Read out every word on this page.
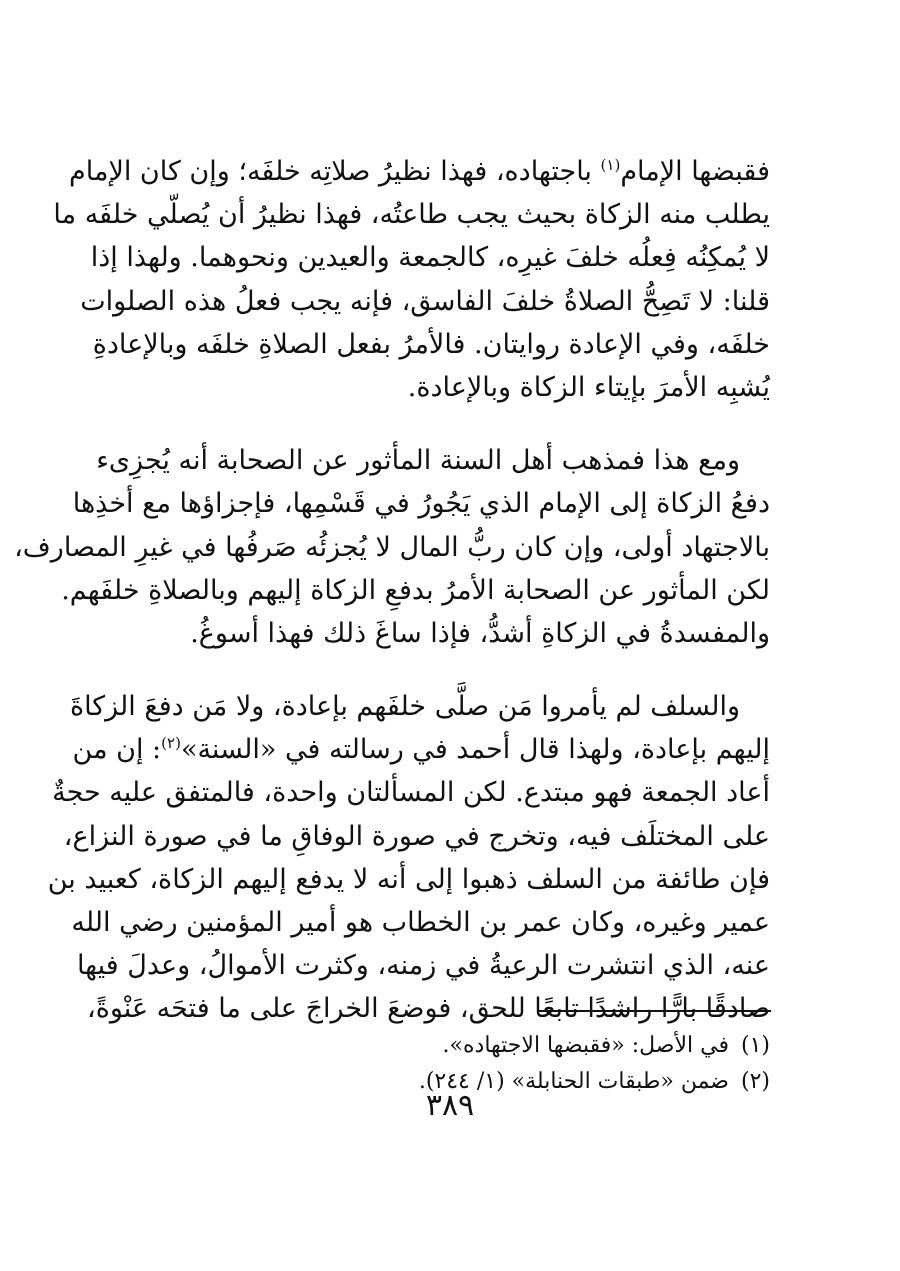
فقبضها الإمام$^{(١)}$ باجتهاده، فهذا نظيرُ صلاتِه خلفَه؛ وإن كان الإمام
يطلب منه الزكاة بحيث يجب طاعتُه، فهذا نظيرُ أن يُصلّي خلفَه ما
لا يُمكِنُه فِعلُه خلفَ غيرِه، كالجمعة والعيدين ونحوهما. ولهذا إذا
قلنا: لا تَصِحُّ الصلاةُ خلفَ الفاسق، فإنه يجب فعلُ هذه الصلوات
خلفَه، وفي الإعادة روايتان. فالأمرُ بفعل الصلاةِ خلفَه وبالإعادةِ
يُشبِه الأمرَ بإيتاء الزكاة وبالإعادة.
ومع هذا فمذهب أهل السنة المأثور عن الصحابة أنه يُجزِىء
دفعُ الزكاة إلى الإمام الذي يَجُورُ في قَسْمِها، فإجزاؤها مع أخذِها
بالاجتهاد أولى، وإن كان ربُّ المال لا يُجزئُه صَرفُها في غيرِ المصارف،
لكن المأثور عن الصحابة الأمرُ بدفعِ الزكاة إليهم وبالصلاةِ خلفَهم.
والمفسدةُ في الزكاةِ أشدُّ، فإذا ساغَ ذلك فهذا أسوغُ.
والسلف لم يأمروا مَن صلَّى خلفَهم بإعادة، ولا مَن دفعَ الزكاةَ
إليهم بإعادة، ولهذا قال أحمد في رسالته في «السنة»$^{(٢)}$: إن من
أعاد الجمعة فهو مبتدع. لكن المسألتان واحدة، فالمتفق عليه حجةٌ
على المختلَف فيه، وتخرج في صورة الوفاقِ ما في صورة النزاع،
فإن طائفة من السلف ذهبوا إلى أنه لا يدفع إليهم الزكاة، كعبيد بن
عمير وغيره، وكان عمر بن الخطاب هو أمير المؤمنين رضي الله
عنه، الذي انتشرت الرعيةُ في زمنه، وكثرت الأموالُ، وعدلَ فيها
صادقًا بارًّا راشدًا تابعًا للحق، فوضعَ الخراجَ على ما فتحَه عَنْوةً،
(١)في الأصل: «فقبضها الاجتهاده».
(٢)ضمن «طبقات الحنابلة» (١/ ٢٤٤).
٣٨٩
